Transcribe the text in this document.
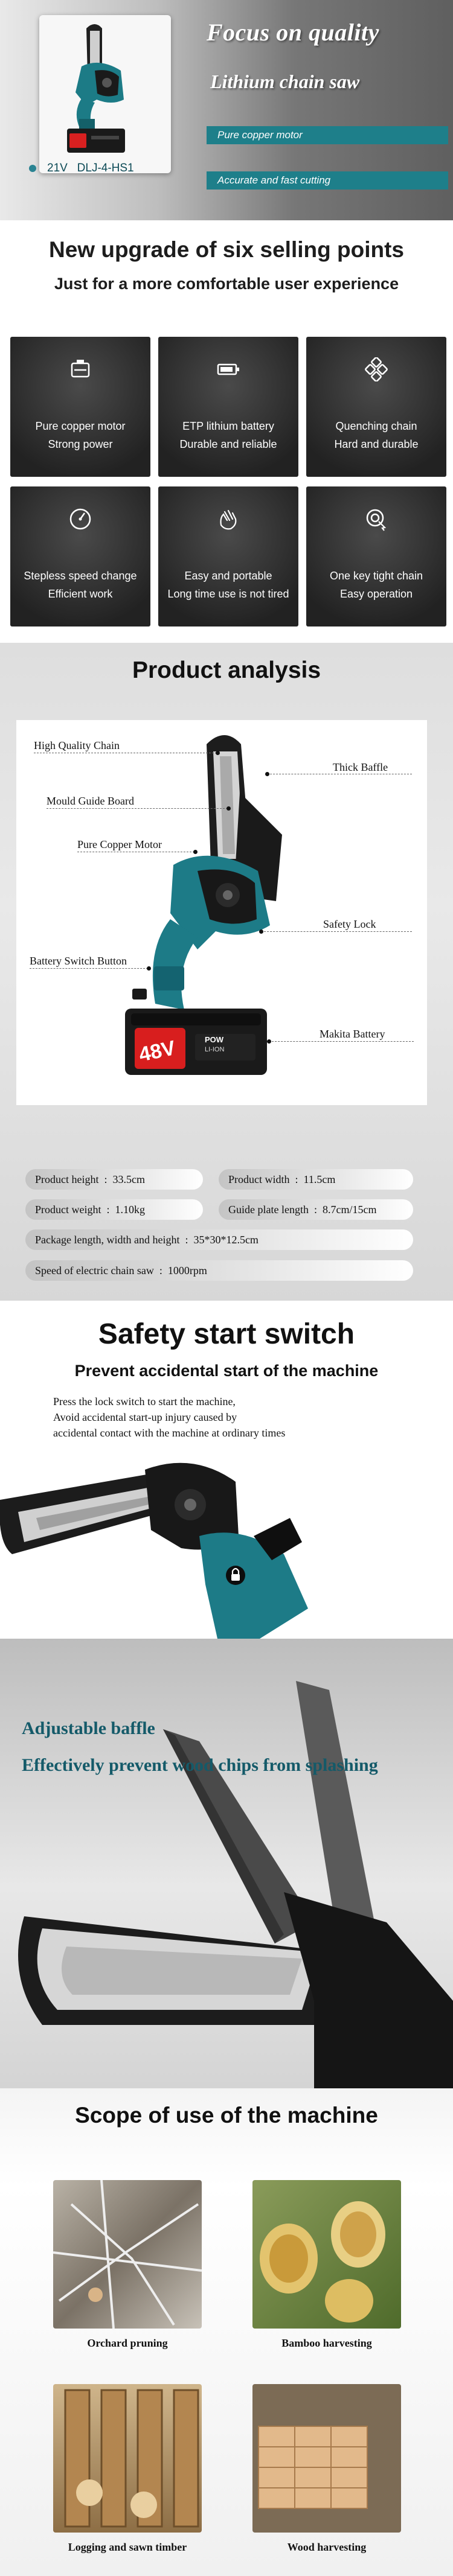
21V DLJ-4-HS1
Focus on quality
Lithium chain saw
Pure copper motor
Accurate and fast cutting
New upgrade of six selling points
Just for a more comfortable user experience
Pure copper motor
Strong power
ETP lithium battery
Durable and reliable
Quenching chain
Hard and durable
Stepless speed change
Efficient work
Easy and portable
Long time use is not tired
One key tight chain
Easy operation
Product analysis
48V	POW
LI-ION
High Quality Chain
Thick Baffle
Mould Guide Board
Pure Copper Motor
Safety Lock
Battery Switch Button
Makita Battery
Product height  :  33.5cm	Product width  :  11.5cm
Product weight  :  1.10kg	Guide plate length  :  8.7cm/15cm
Package length, width and height  :  35*30*12.5cm
Speed of electric chain saw  :  1000rpm
Safety start switch
Prevent accidental start of the machine
Press the lock switch to start the machine,
Avoid accidental start-up injury caused by
accidental contact with the machine at ordinary times
Adjustable baffle
Effectively prevent wood chips from splashing
Scope of use of the machine
Orchard pruning	Bamboo harvesting
Logging and sawn timber	Wood harvesting
